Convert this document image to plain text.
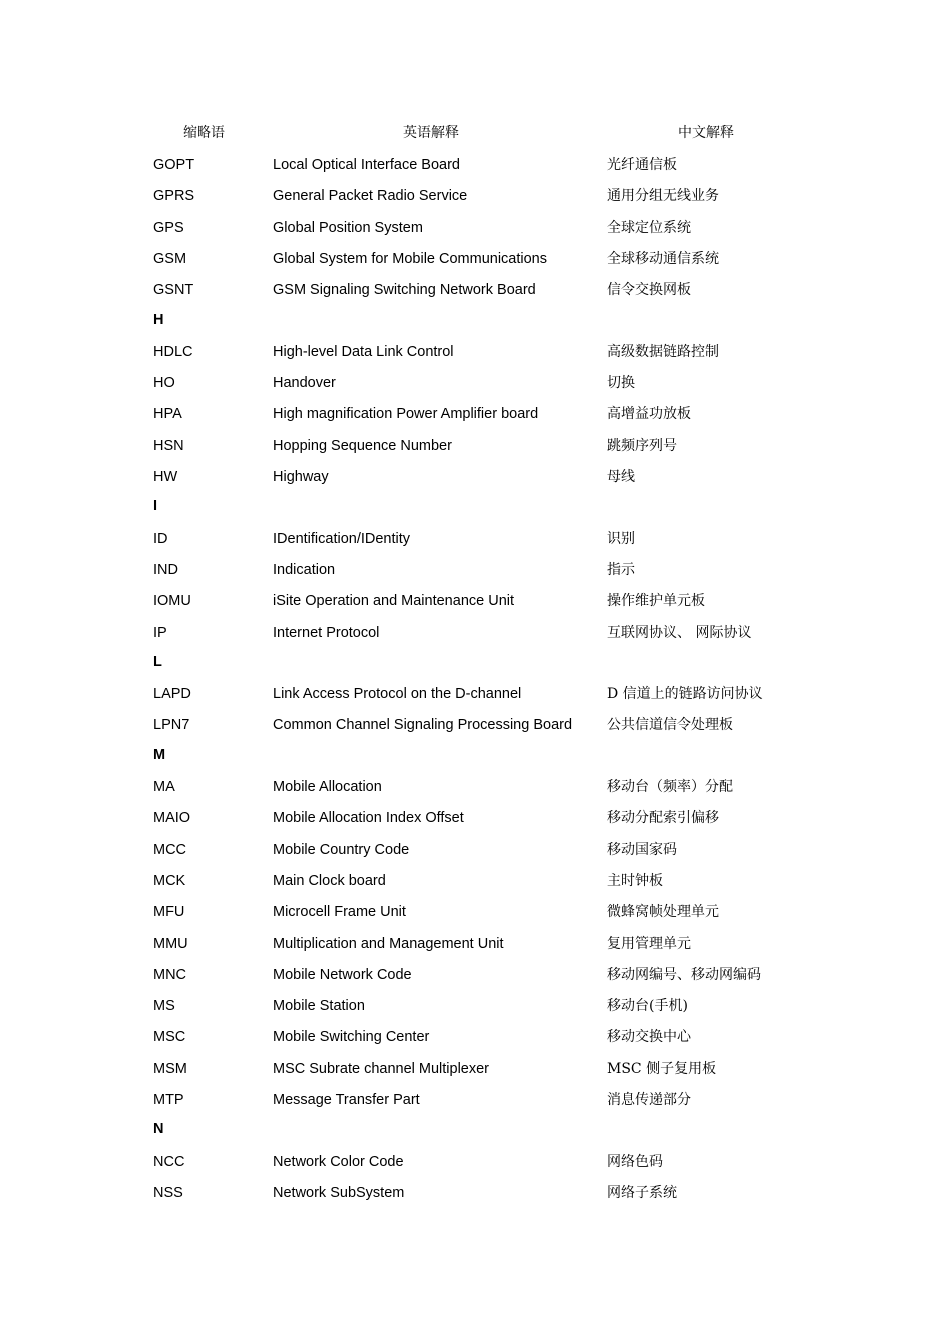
缩略语	英语解释	中文解释
GOPT	Local Optical Interface Board	光纤通信板
GPRS	General Packet Radio Service	通用分组无线业务
GPS	Global Position System	全球定位系统
GSM	Global System for Mobile Communications	全球移动通信系统
GSNT	GSM Signaling Switching Network Board	信令交换网板
H
HDLC	High-level Data Link Control	高级数据链路控制
HO	Handover	切换
HPA	High magnification Power Amplifier board	高增益功放板
HSN	Hopping Sequence Number	跳频序列号
HW	Highway	母线
I
ID	IDentification/IDentity	识别
IND	Indication	指示
IOMU	iSite Operation and Maintenance Unit	操作维护单元板
IP	Internet Protocol	互联网协议、 网际协议
L
LAPD	Link Access Protocol on the D-channel	D 信道上的链路访问协议
LPN7	Common Channel Signaling Processing Board 公共信道信令处理板
M
MA	Mobile Allocation	移动台（频率）分配
MAIO	Mobile Allocation Index Offset	移动分配索引偏移
MCC	Mobile Country Code	移动国家码
MCK	Main Clock board	主时钟板
MFU	Microcell Frame Unit	微蜂窝帧处理单元
MMU	Multiplication and Management Unit	复用管理单元
MNC	Mobile Network Code	移动网编号、移动网编码
MS	Mobile Station	移动台(手机)
MSC	Mobile Switching Center	移动交换中心
MSM	MSC Subrate channel Multiplexer	MSC 侧子复用板
MTP	Message Transfer Part	消息传递部分
N
NCC	Network Color Code	网络色码
NSS	Network SubSystem	网络子系统
